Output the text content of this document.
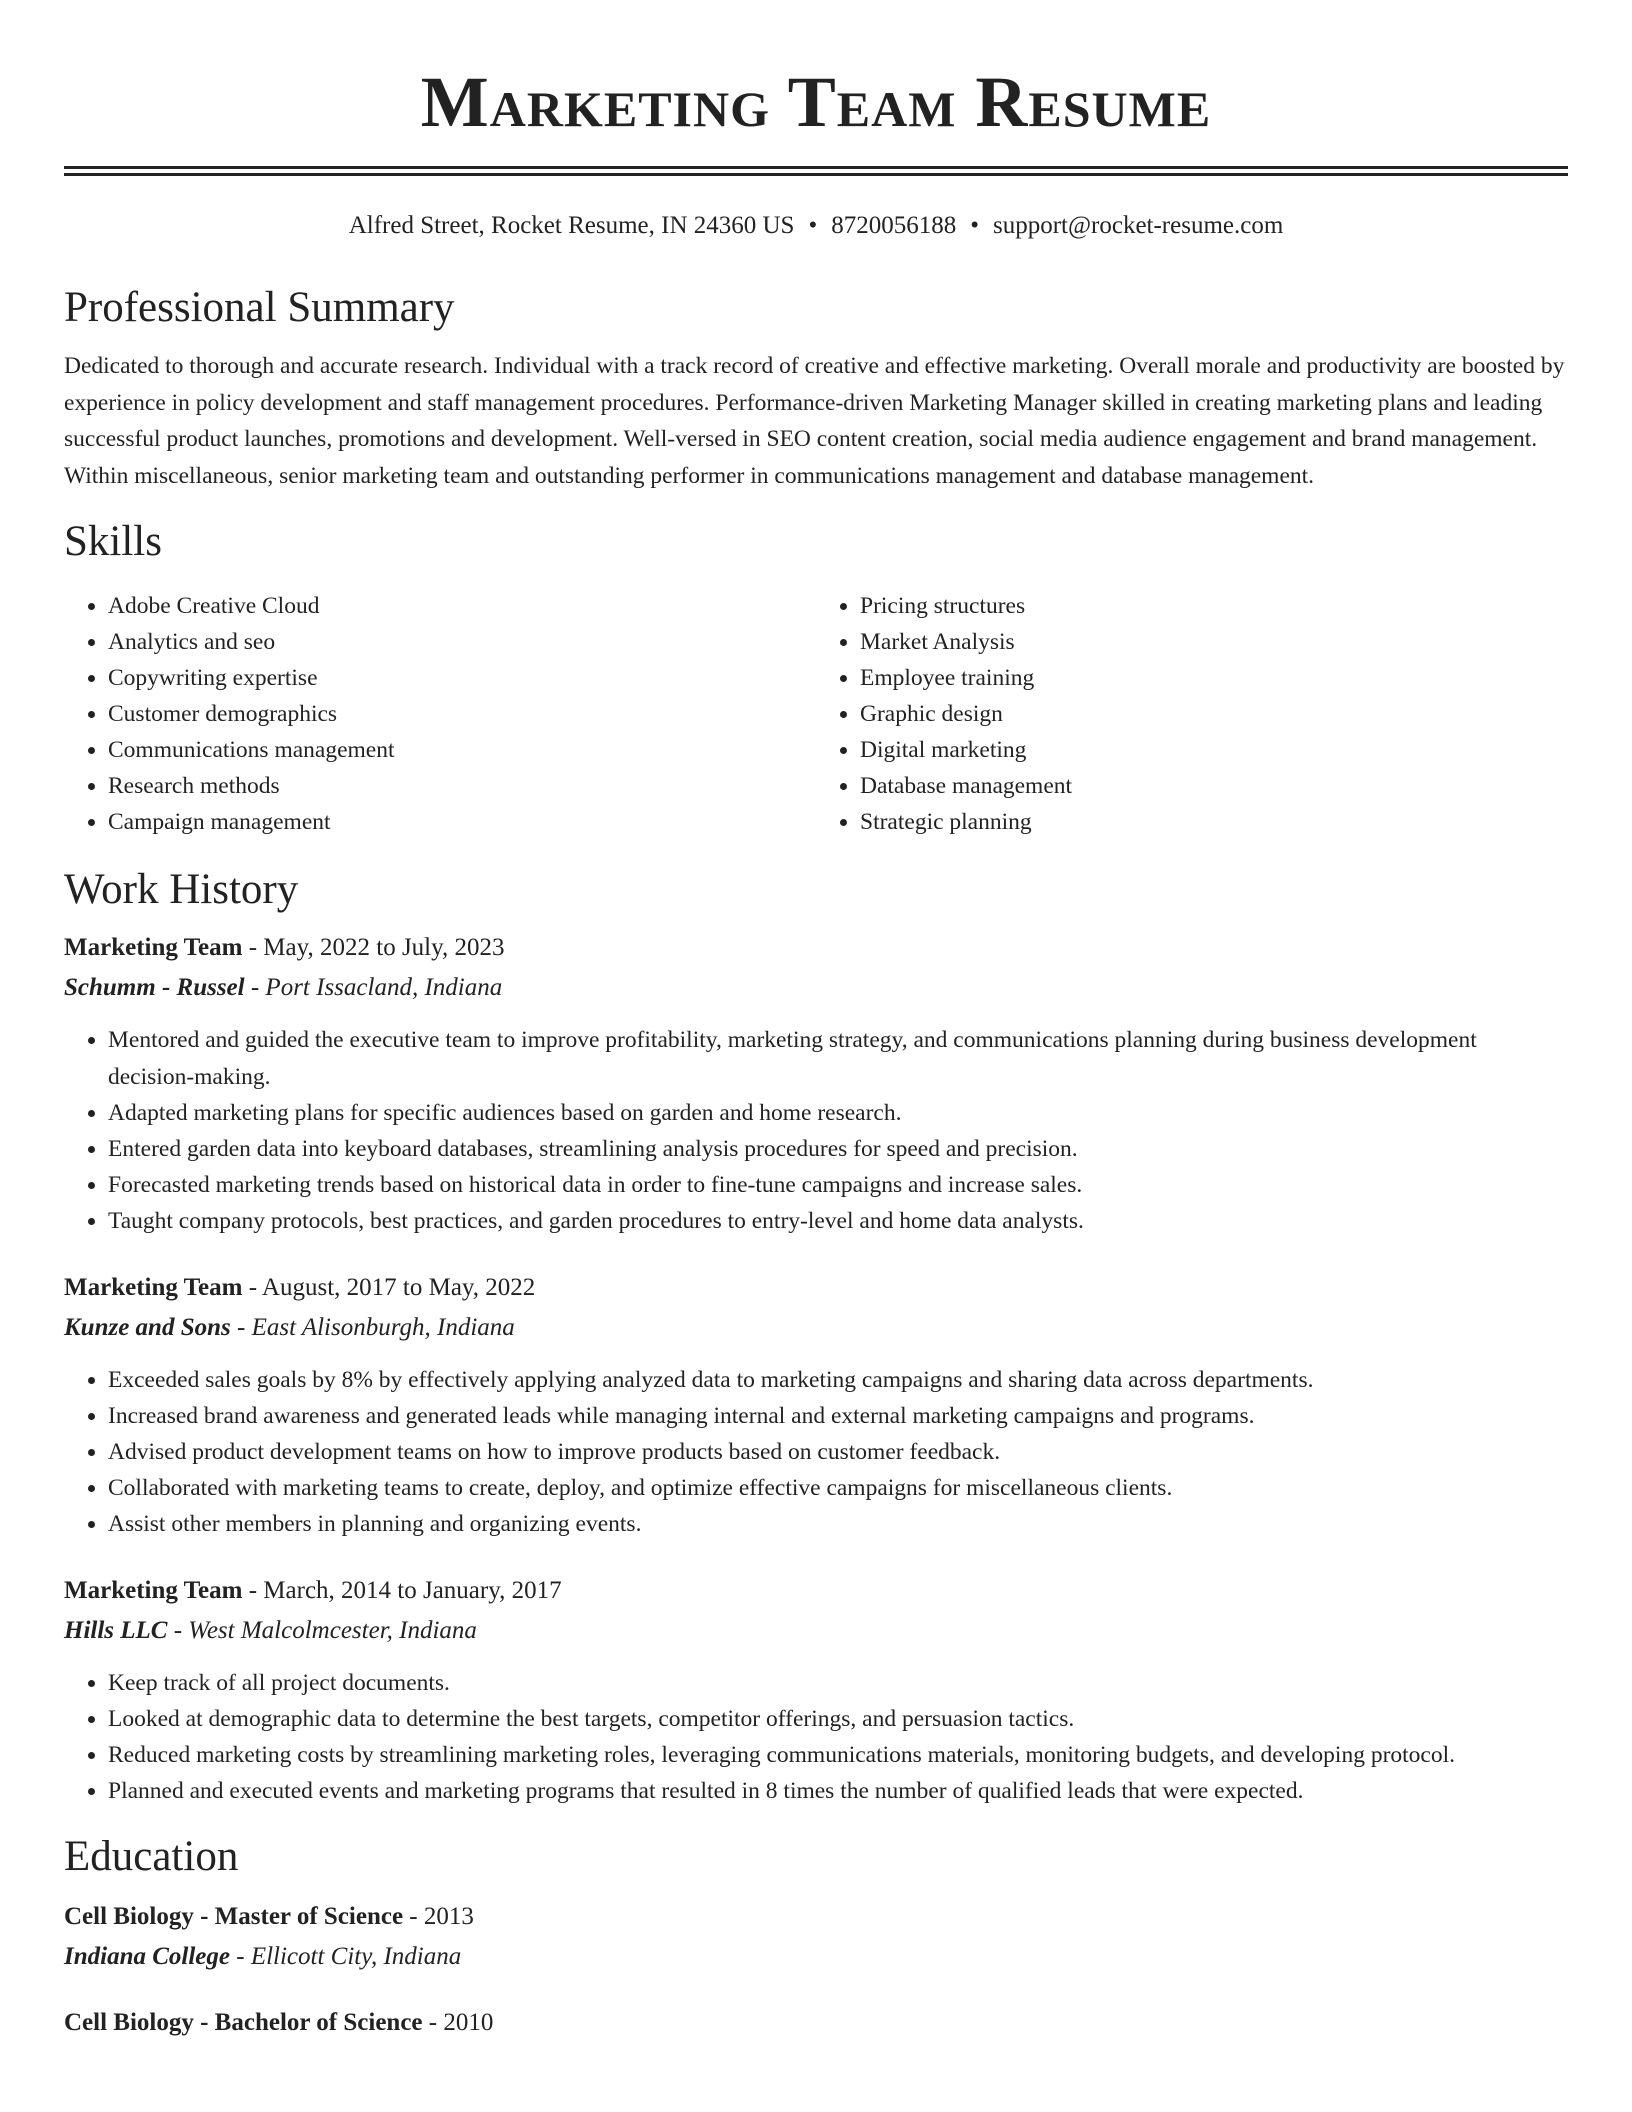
Marketing Team Resume
Alfred Street, Rocket Resume, IN 24360 US • 8720056188 • support@rocket-resume.com
Professional Summary

Dedicated to thorough and accurate research. Individual with a track record of creative and effective marketing. Overall morale and productivity are boosted by experience in policy development and staff management procedures. Performance-driven Marketing Manager skilled in creating marketing plans and leading successful product launches, promotions and development. Well-versed in SEO content creation, social media audience engagement and brand management. Within miscellaneous, senior marketing team and outstanding performer in communications management and database management.

Skills
• Adobe Creative Cloud
• Analytics and seo
• Copywriting expertise
• Customer demographics
• Communications management
• Research methods
• Campaign management
• Pricing structures
• Market Analysis
• Employee training
• Graphic design
• Digital marketing
• Database management
• Strategic planning
Work History
Marketing Team - May, 2022 to July, 2023
Schumm - Russel - Port Issacland, Indiana
• Mentored and guided the executive team to improve profitability, marketing strategy, and communications planning during business development decision-making.
• Adapted marketing plans for specific audiences based on garden and home research.
• Entered garden data into keyboard databases, streamlining analysis procedures for speed and precision.
• Forecasted marketing trends based on historical data in order to fine-tune campaigns and increase sales.
• Taught company protocols, best practices, and garden procedures to entry-level and home data analysts.
Marketing Team - August, 2017 to May, 2022
Kunze and Sons - East Alisonburgh, Indiana
• Exceeded sales goals by 8% by effectively applying analyzed data to marketing campaigns and sharing data across departments.
• Increased brand awareness and generated leads while managing internal and external marketing campaigns and programs.
• Advised product development teams on how to improve products based on customer feedback.
• Collaborated with marketing teams to create, deploy, and optimize effective campaigns for miscellaneous clients.
• Assist other members in planning and organizing events.
Marketing Team - March, 2014 to January, 2017
Hills LLC - West Malcolmcester, Indiana
• Keep track of all project documents.
• Looked at demographic data to determine the best targets, competitor offerings, and persuasion tactics.
• Reduced marketing costs by streamlining marketing roles, leveraging communications materials, monitoring budgets, and developing protocol.
• Planned and executed events and marketing programs that resulted in 8 times the number of qualified leads that were expected.
Education
Cell Biology - Master of Science - 2013
Indiana College - Ellicott City, Indiana
Cell Biology - Bachelor of Science - 2010
